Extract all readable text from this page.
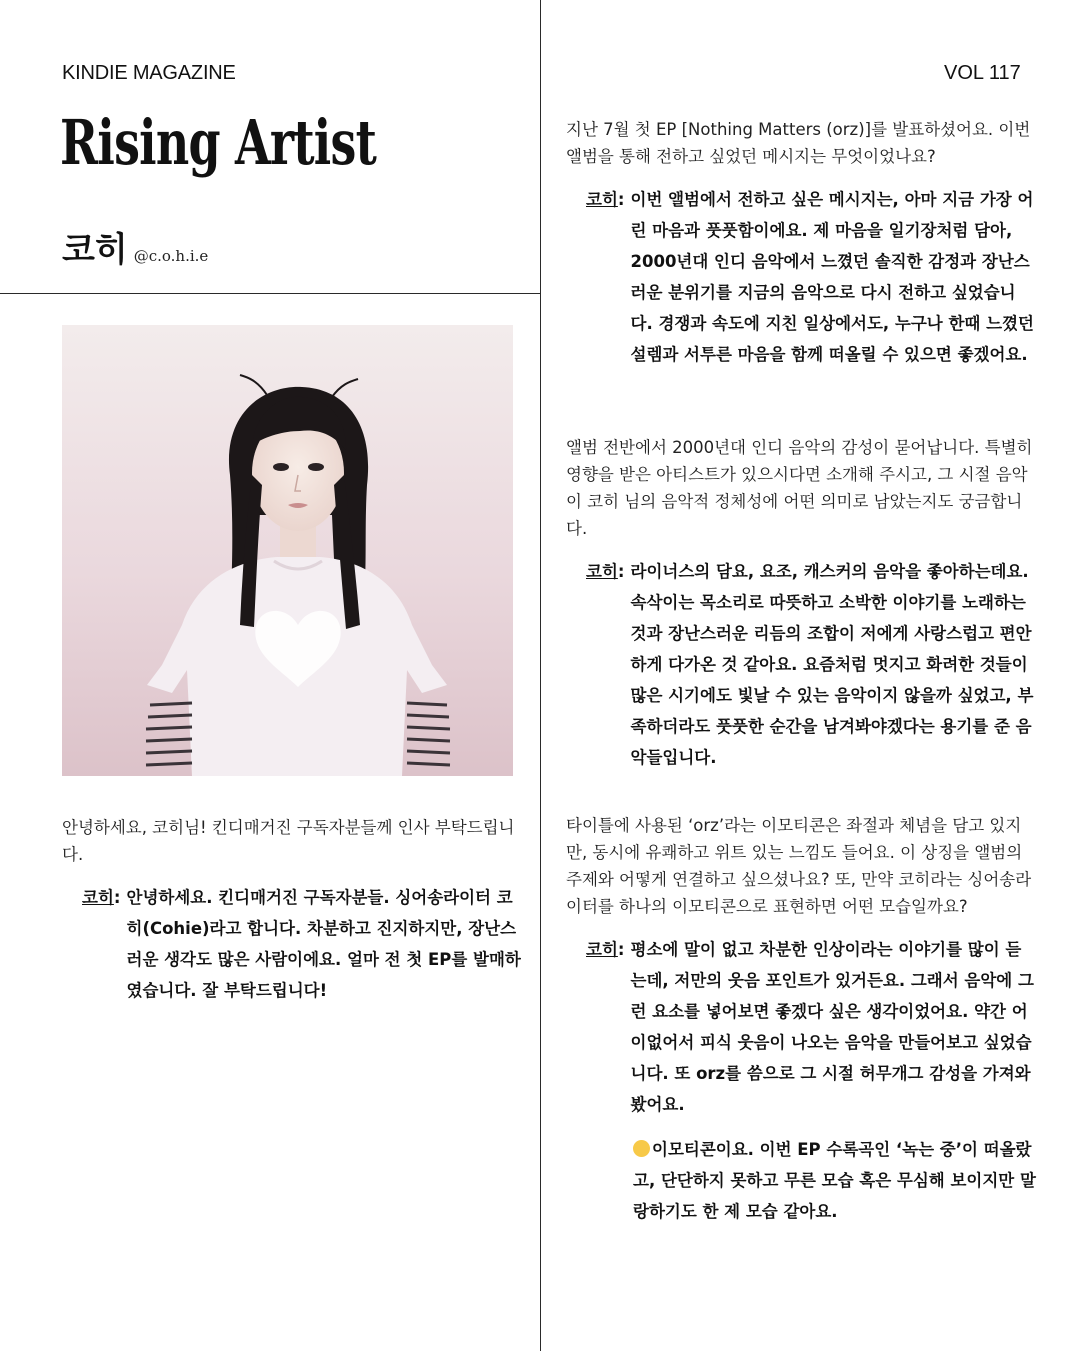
KINDIE MAGAZINE	VOL 117
Rising Artist
코히 @c.o.h.i.e

안녕하세요, 코히님! 킨디매거진 구독자분들께 인사 부탁드립니다.

코히 : 안녕하세요. 킨디매거진 구독자분들. 싱어송라이터 코히(Cohie)라고 합니다. 차분하고 진지하지만, 장난스러운 생각도 많은 사람이에요. 얼마 전 첫 EP를 발매하였습니다. 잘 부탁드립니다!

지난 7월 첫 EP [Nothing Matters (orz)]를 발표하셨어요. 이번 앨범을 통해 전하고 싶었던 메시지는 무엇이었나요?

코히 : 이번 앨범에서 전하고 싶은 메시지는, 아마 지금 가장 어린 마음과 풋풋함이에요. 제 마음을 일기장처럼 담아, 2000년대 인디 음악에서 느꼈던 솔직한 감정과 장난스러운 분위기를 지금의 음악으로 다시 전하고 싶었습니다. 경쟁과 속도에 지친 일상에서도, 누구나 한때 느꼈던 설렘과 서투른 마음을 함께 떠올릴 수 있으면 좋겠어요.

앨범 전반에서 2000년대 인디 음악의 감성이 묻어납니다. 특별히 영향을 받은 아티스트가 있으시다면 소개해 주시고, 그 시절 음악이 코히 님의 음악적 정체성에 어떤 의미로 남았는지도 궁금합니다.

코히 : 라이너스의 담요, 요조, 캐스커의 음악을 좋아하는데요. 속삭이는 목소리로 따뜻하고 소박한 이야기를 노래하는 것과 장난스러운 리듬의 조합이 저에게 사랑스럽고 편안하게 다가온 것 같아요. 요즘처럼 멋지고 화려한 것들이 많은 시기에도 빛날 수 있는 음악이지 않을까 싶었고, 부족하더라도 풋풋한 순간을 남겨봐야겠다는 용기를 준 음악들입니다.

타이틀에 사용된 ‘orz’라는 이모티콘은 좌절과 체념을 담고 있지만, 동시에 유쾌하고 위트 있는 느낌도 들어요. 이 상징을 앨범의 주제와 어떻게 연결하고 싶으셨나요? 또, 만약 코히라는 싱어송라이터를 하나의 이모티콘으로 표현하면 어떤 모습일까요?

코히 : 평소에 말이 없고 차분한 인상이라는 이야기를 많이 듣는데, 저만의 웃음 포인트가 있거든요. 그래서 음악에 그런 요소를 넣어보면 좋겠다 싶은 생각이었어요. 약간 어이없어서 피식 웃음이 나오는 음악을 만들어보고 싶었습니다. 또 orz를 씀으로 그 시절 허무개그 감성을 가져와 봤어요.
이모티콘이요. 이번 EP 수록곡인 ‘녹는 중’이 떠올랐고, 단단하지 못하고 무른 모습 혹은 무심해 보이지만 말랑하기도 한 제 모습 같아요.
